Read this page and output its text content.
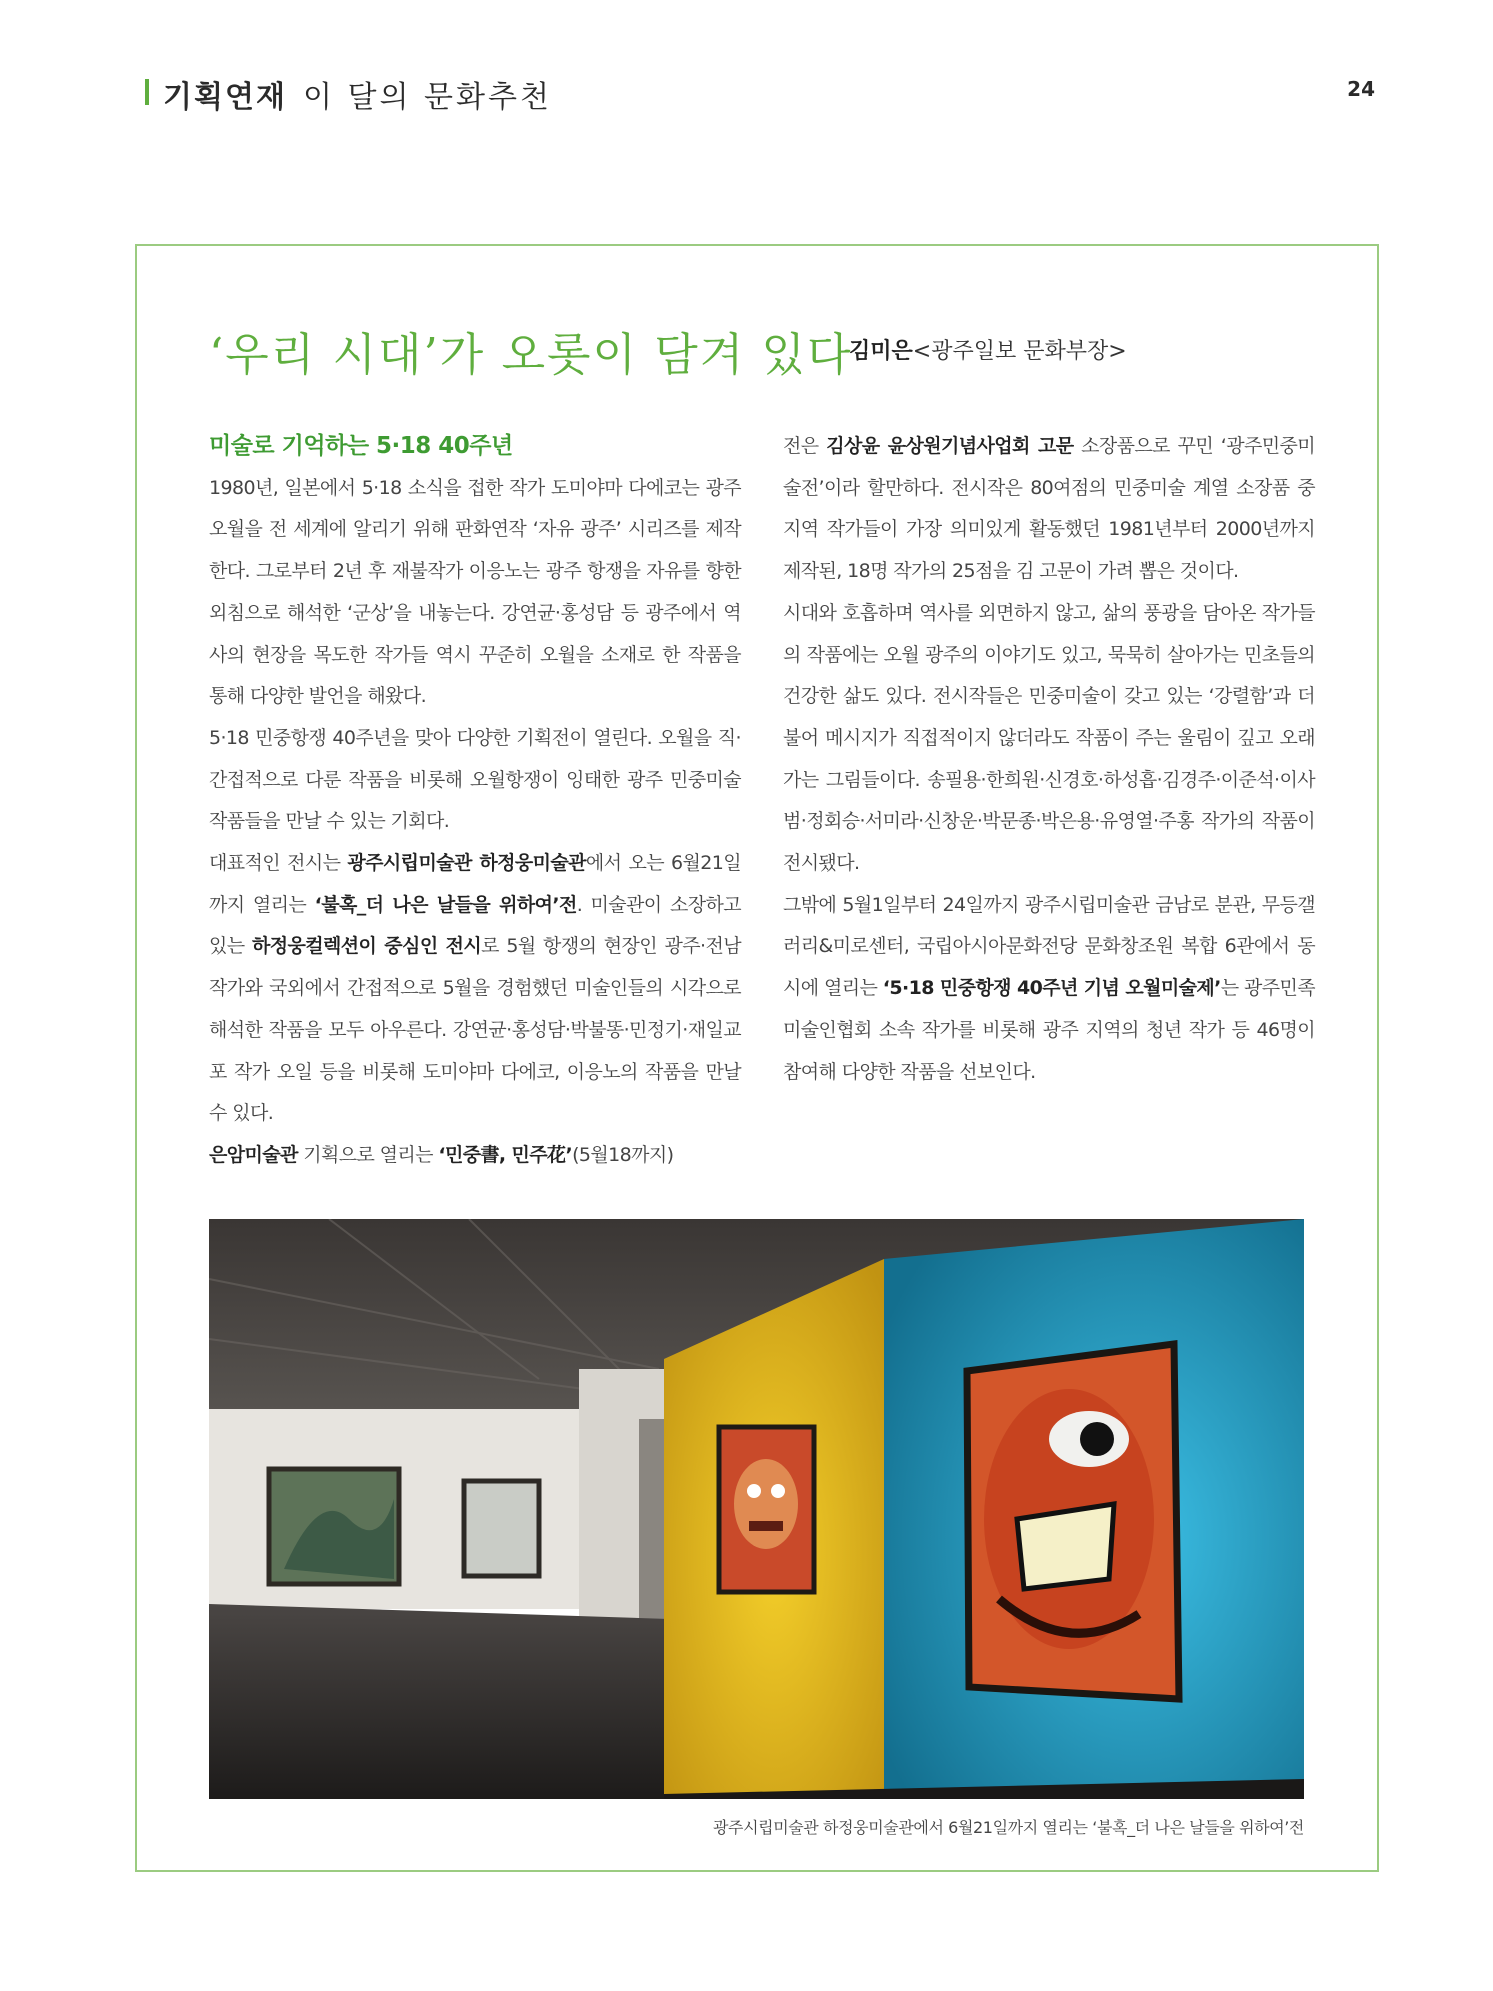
기획연재 이 달의 문화추천	24
‘우리 시대’가 오롯이 담겨 있다
김미은<광주일보 문화부장>

미술로 기억하는 5·18 40주년

1980년, 일본에서 5·18 소식을 접한 작가 도미야마 다에코는 광주오월을 전 세계에 알리기 위해 판화연작 ‘자유 광주’ 시리즈를 제작한다. 그로부터 2년 후 재불작가 이응노는 광주 항쟁을 자유를 향한 외침으로 해석한 ‘군상’을 내놓는다. 강연균·홍성담 등 광주에서 역사의 현장을 목도한 작가들 역시 꾸준히 오월을 소재로 한 작품을 통해 다양한 발언을 해왔다.

5·18 민중항쟁 40주년을 맞아 다양한 기획전이 열린다. 오월을 직·간접적으로 다룬 작품을 비롯해 오월항쟁이 잉태한 광주 민중미술 작품들을 만날 수 있는 기회다.

대표적인 전시는 광주시립미술관 하정웅미술관에서 오는 6월21일까지 열리는 ‘불혹_더 나은 날들을 위하여’전. 미술관이 소장하고 있는 하정웅컬렉션이 중심인 전시로 5월 항쟁의 현장인 광주·전남 작가와 국외에서 간접적으로 5월을 경험했던 미술인들의 시각으로 해석한 작품을 모두 아우른다. 강연균·홍성담·박불똥·민정기·재일교포 작가 오일 등을 비롯해 도미야마 다에코, 이응노의 작품을 만날 수 있다.

은암미술관 기획으로 열리는 ‘민중書, 민주花’(5월18까지)

전은 김상윤 윤상원기념사업회 고문 소장품으로 꾸민 ‘광주민중미술전’이라 할만하다. 전시작은 80여점의 민중미술 계열 소장품 중 지역 작가들이 가장 의미있게 활동했던 1981년부터 2000년까지 제작된, 18명 작가의 25점을 김 고문이 가려 뽑은 것이다.

시대와 호흡하며 역사를 외면하지 않고, 삶의 풍광을 담아온 작가들의 작품에는 오월 광주의 이야기도 있고, 묵묵히 살아가는 민초들의 건강한 삶도 있다. 전시작들은 민중미술이 갖고 있는 ‘강렬함’과 더불어 메시지가 직접적이지 않더라도 작품이 주는 울림이 깊고 오래가는 그림들이다. 송필용·한희원·신경호·하성흡·김경주·이준석·이사범·정회승·서미라·신창운·박문종·박은용·유영열·주홍 작가의 작품이 전시됐다.

그밖에 5월1일부터 24일까지 광주시립미술관 금남로 분관, 무등갤러리&미로센터, 국립아시아문화전당 문화창조원 복합 6관에서 동시에 열리는 ‘5·18 민중항쟁 40주년 기념 오월미술제’는 광주민족미술인협회 소속 작가를 비롯해 광주 지역의 청년 작가 등 46명이 참여해 다양한 작품을 선보인다.

광주시립미술관 하정웅미술관에서 6월21일까지 열리는 ‘불혹_더 나은 날들을 위하여’전
